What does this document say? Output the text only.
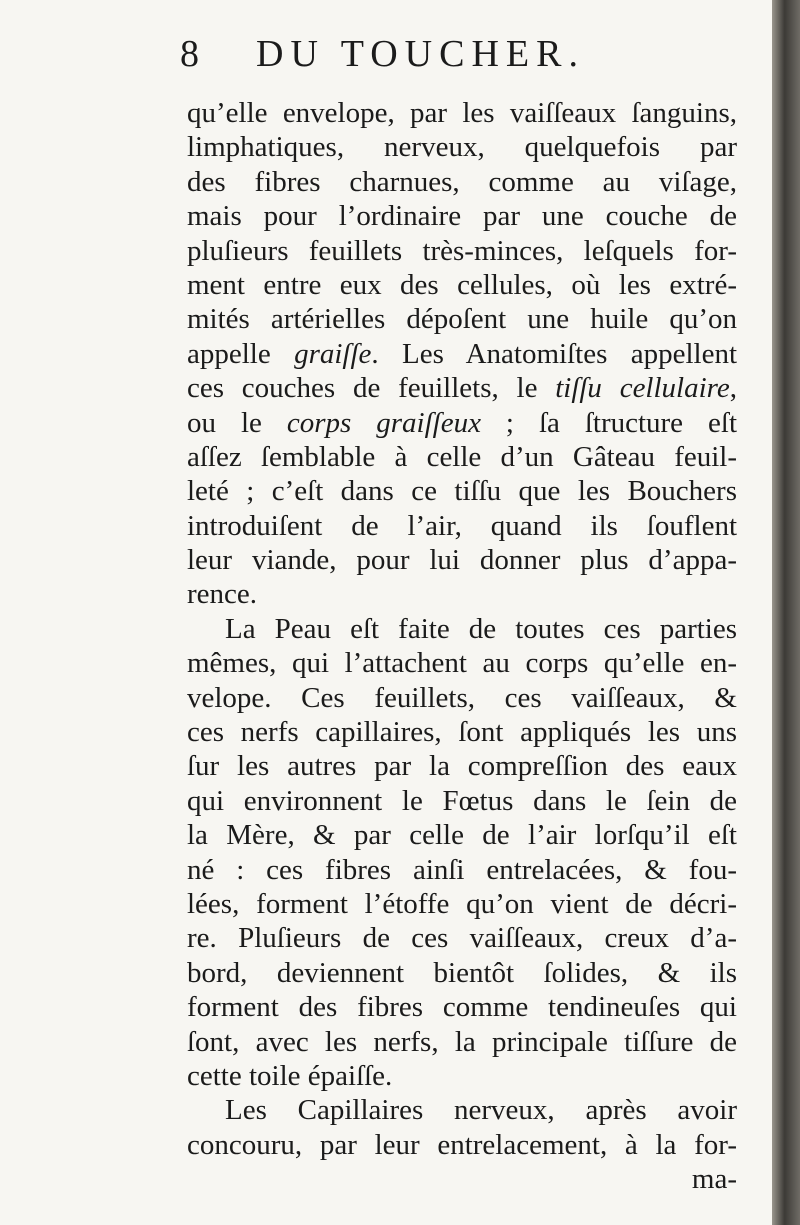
8 DU TOUCHER.
qu’elle envelope, par les vaiſſeaux ſanguins,
limphatiques, nerveux, quelquefois par
des fibres charnues, comme au viſage,
mais pour l’ordinaire par une couche de
pluſieurs feuillets très-minces, leſquels for-
ment entre eux des cellules, où les extré-
mités artérielles dépoſent une huile qu’on
appelle graiſſe. Les Anatomiſtes appellent
ces couches de feuillets, le tiſſu cellulaire,
ou le corps graiſſeux ; ſa ſtructure eſt
aſſez ſemblable à celle d’un Gâteau feuil-
leté ; c’eſt dans ce tiſſu que les Bouchers
introduiſent de l’air, quand ils ſouflent
leur viande, pour lui donner plus d’appa-
rence.
La Peau eſt faite de toutes ces parties
mêmes, qui l’attachent au corps qu’elle en-
velope. Ces feuillets, ces vaiſſeaux, &
ces nerfs capillaires, ſont appliqués les uns
ſur les autres par la compreſſion des eaux
qui environnent le Fœtus dans le ſein de
la Mère, & par celle de l’air lorſqu’il eſt
né : ces fibres ainſi entrelacées, & fou-
lées, forment l’étoffe qu’on vient de décri-
re. Pluſieurs de ces vaiſſeaux, creux d’a-
bord, deviennent bientôt ſolides, & ils
forment des fibres comme tendineuſes qui
ſont, avec les nerfs, la principale tiſſure de
cette toile épaiſſe.
Les Capillaires nerveux, après avoir
concouru, par leur entrelacement, à la for-
ma-
